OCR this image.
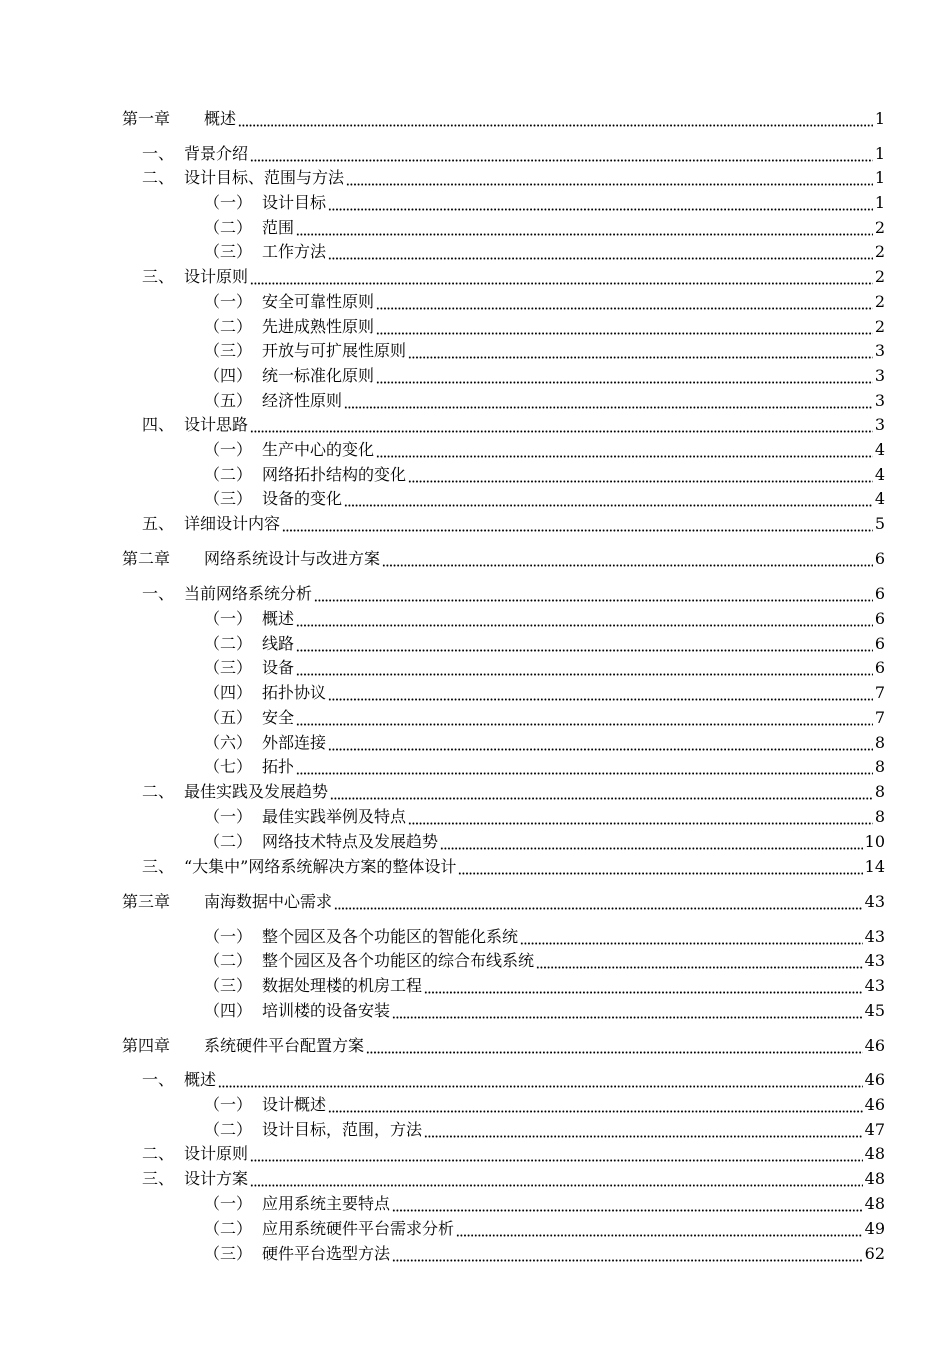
第一章 概述	1
一、 背景介绍	1
二、 设计目标、范围与方法	1
（一） 设计目标	1
（二） 范围	2
（三） 工作方法	2
三、 设计原则	2
（一） 安全可靠性原则	2
（二） 先进成熟性原则	2
（三） 开放与可扩展性原则	3
（四） 统一标准化原则	3
（五） 经济性原则	3
四、 设计思路	3
（一） 生产中心的变化	4
（二） 网络拓扑结构的变化	4
（三） 设备的变化	4
五、 详细设计内容	5
第二章 网络系统设计与改进方案	6
一、 当前网络系统分析	6
（一） 概述	6
（二） 线路	6
（三） 设备	6
（四） 拓扑协议	7
（五） 安全	7
（六） 外部连接	8
（七） 拓扑	8
二、 最佳实践及发展趋势	8
（一） 最佳实践举例及特点	8
（二） 网络技术特点及发展趋势	10
三、 “大集中”网络系统解决方案的整体设计	14
第三章 南海数据中心需求	43
（一） 整个园区及各个功能区的智能化系统	43
（二） 整个园区及各个功能区的综合布线系统	43
（三） 数据处理楼的机房工程	43
（四） 培训楼的设备安装	45
第四章 系统硬件平台配置方案	46
一、 概述	46
（一） 设计概述	46
（二） 设计目标，范围，方法	47
二、 设计原则	48
三、 设计方案	48
（一） 应用系统主要特点	48
（二） 应用系统硬件平台需求分析	49
（三） 硬件平台选型方法	62
